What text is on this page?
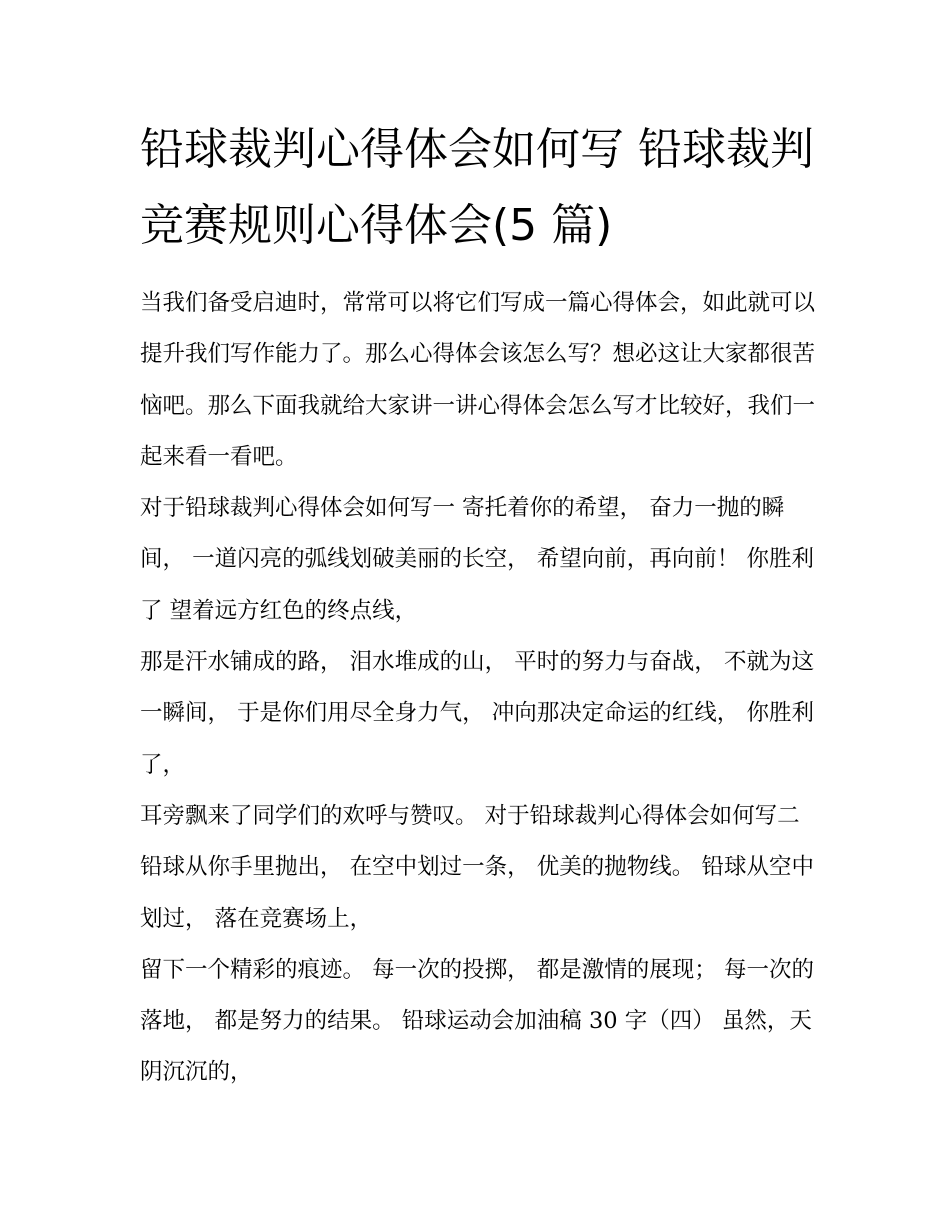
铅球裁判心得体会如何写 铅球裁判竞赛规则心得体会(5 篇)

当我们备受启迪时，常常可以将它们写成一篇心得体会，如此就可以提升我们写作能力了。那么心得体会该怎么写？想必这让大家都很苦恼吧。那么下面我就给大家讲一讲心得体会怎么写才比较好，我们一起来看一看吧。

对于铅球裁判心得体会如何写一 寄托着你的希望， 奋力一抛的瞬间， 一道闪亮的弧线划破美丽的长空， 希望向前，再向前！ 你胜利了 望着远方红色的终点线，

那是汗水铺成的路， 泪水堆成的山， 平时的努力与奋战， 不就为这一瞬间， 于是你们用尽全身力气， 冲向那决定命运的红线， 你胜利了，

耳旁飘来了同学们的欢呼与赞叹。 对于铅球裁判心得体会如何写二 铅球从你手里抛出， 在空中划过一条， 优美的抛物线。 铅球从空中划过， 落在竞赛场上，

留下一个精彩的痕迹。 每一次的投掷， 都是激情的展现； 每一次的落地， 都是努力的结果。 铅球运动会加油稿 30 字（四） 虽然，天阴沉沉的，
